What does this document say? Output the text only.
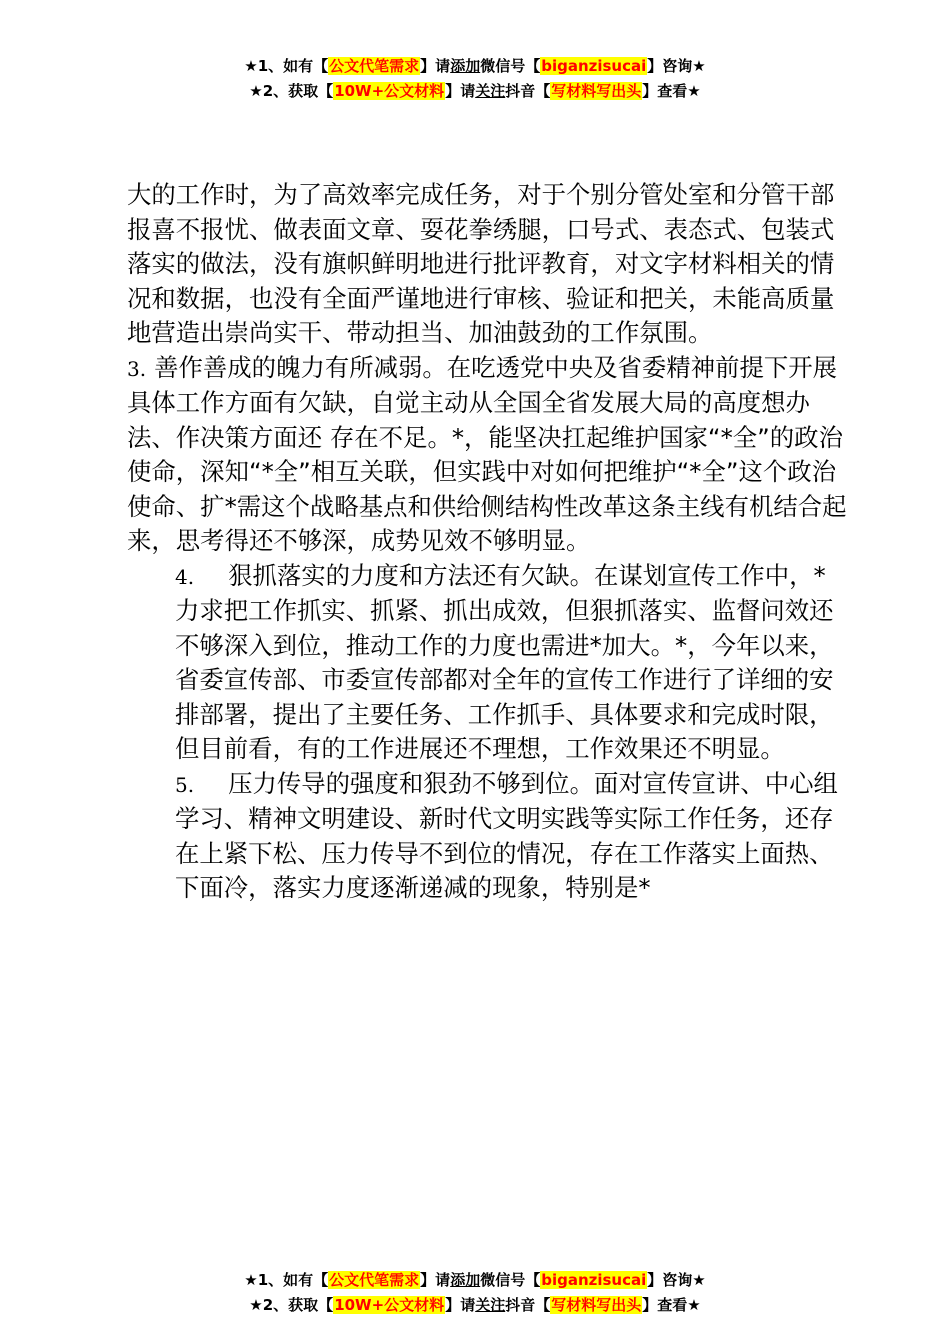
★1、如有【公文代笔需求】请添加微信号【biganzisucai】咨询★
★2、获取【10W+公文材料】请关注抖音【写材料写出头】查看★

大的工作时，为了高效率完成任务，对于个别分管处室和分管干部报喜不报忧、做表面文章、耍花拳绣腿，口号式、表态式、包装式落实的做法，没有旗帜鲜明地进行批评教育，对文字材料相关的情况和数据，也没有全面严谨地进行审核、验证和把关，未能高质量地营造出崇尚实干、带动担当、加油鼓劲的工作氛围。

3. 善作善成的魄力有所减弱。在吃透党中央及省委精神前提下开展具体工作方面有欠缺，自觉主动从全国全省发展大局的高度想办法、作决策方面还 存在不足。*，能坚决扛起维护国家“*全”的政治使命，深知“*全”相互关联，但实践中对如何把维护“*全”这个政治使命、扩*需这个战略基点和供给侧结构性改革这条主线有机结合起来，思考得还不够深，成势见效不够明显。

4. 狠抓落实的力度和方法还有欠缺。在谋划宣传工作中，*力求把工作抓实、抓紧、抓出成效，但狠抓落实、监督问效还不够深入到位，推动工作的力度也需进*加大。*，今年以来，省委宣传部、市委宣传部都对全年的宣传工作进行了详细的安排部署，提出了主要任务、工作抓手、具体要求和完成时限，但目前看，有的工作进展还不理想，工作效果还不明显。

5. 压力传导的强度和狠劲不够到位。面对宣传宣讲、中心组学习、精神文明建设、新时代文明实践等实际工作任务，还存在上紧下松、压力传导不到位的情况，存在工作落实上面热、下面冷，落实力度逐渐递减的现象，特别是*

★1、如有【公文代笔需求】请添加微信号【biganzisucai】咨询★
★2、获取【10W+公文材料】请关注抖音【写材料写出头】查看★
